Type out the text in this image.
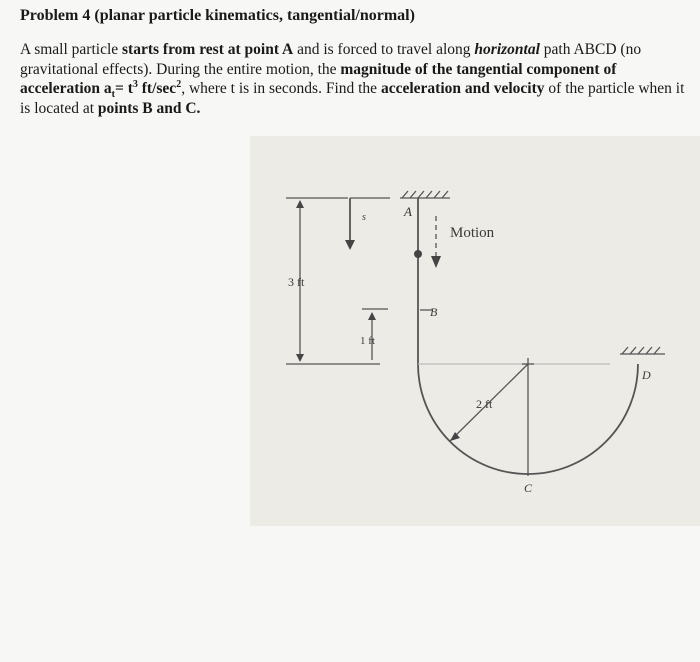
Problem 4 (planar particle kinematics, tangential/normal)
A small particle starts from rest at point A and is forced to travel along horizontal path ABCD (no gravitational effects). During the entire motion, the magnitude of the tangential component of acceleration $a_t= t^3$ $ft/\sec^2$, where t is in seconds. Find the acceleration and velocity of the particle when it is located at points B and C.
A
s
Motion
3 ft
B
1 ft
2 ft
C
D
